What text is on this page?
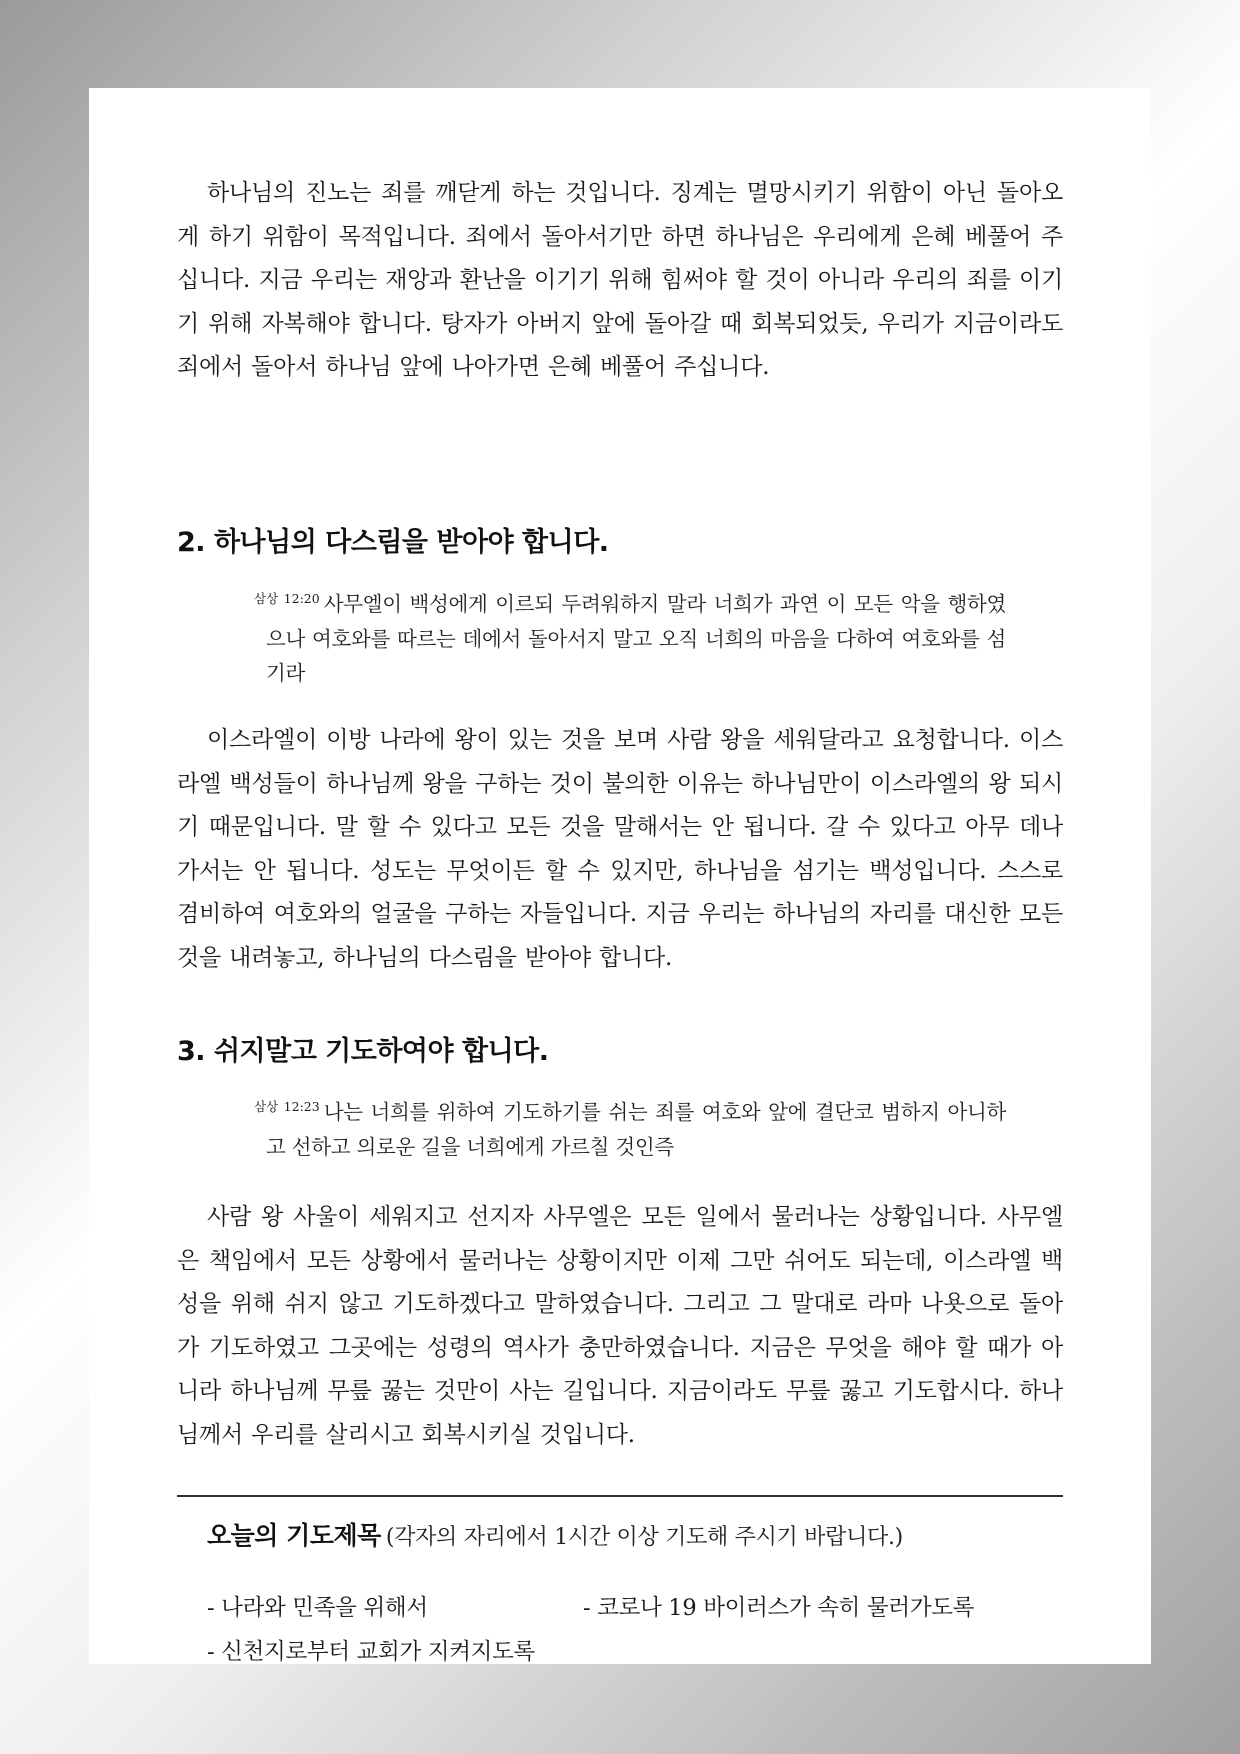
하나님의 진노는 죄를 깨닫게 하는 것입니다. 징계는 멸망시키기 위함이 아닌 돌아오게 하기 위함이 목적입니다. 죄에서 돌아서기만 하면 하나님은 우리에게 은혜 베풀어 주십니다. 지금 우리는 재앙과 환난을 이기기 위해 힘써야 할 것이 아니라 우리의 죄를 이기기 위해 자복해야 합니다. 탕자가 아버지 앞에 돌아갈 때 회복되었듯, 우리가 지금이라도 죄에서 돌아서 하나님 앞에 나아가면 은혜 베풀어 주십니다.

2. 하나님의 다스림을 받아야 합니다.

$^{삼상 12:20}$ 사무엘이 백성에게 이르되 두려워하지 말라 너희가 과연 이 모든 악을 행하였으나 여호와를 따르는 데에서 돌아서지 말고 오직 너희의 마음을 다하여 여호와를 섬기라

이스라엘이 이방 나라에 왕이 있는 것을 보며 사람 왕을 세워달라고 요청합니다. 이스라엘 백성들이 하나님께 왕을 구하는 것이 불의한 이유는 하나님만이 이스라엘의 왕 되시기 때문입니다. 말 할 수 있다고 모든 것을 말해서는 안 됩니다. 갈 수 있다고 아무 데나 가서는 안 됩니다. 성도는 무엇이든 할 수 있지만, 하나님을 섬기는 백성입니다. 스스로 겸비하여 여호와의 얼굴을 구하는 자들입니다. 지금 우리는 하나님의 자리를 대신한 모든 것을 내려놓고, 하나님의 다스림을 받아야 합니다.

3. 쉬지말고 기도하여야 합니다.

$^{삼상 12:23}$ 나는 너희를 위하여 기도하기를 쉬는 죄를 여호와 앞에 결단코 범하지 아니하고 선하고 의로운 길을 너희에게 가르칠 것인즉

사람 왕 사울이 세워지고 선지자 사무엘은 모든 일에서 물러나는 상황입니다. 사무엘은 책임에서 모든 상황에서 물러나는 상황이지만 이제 그만 쉬어도 되는데, 이스라엘 백성을 위해 쉬지 않고 기도하겠다고 말하였습니다. 그리고 그 말대로 라마 나욧으로 돌아가 기도하였고 그곳에는 성령의 역사가 충만하였습니다. 지금은 무엇을 해야 할 때가 아니라 하나님께 무릎 꿇는 것만이 사는 길입니다. 지금이라도 무릎 꿇고 기도합시다. 하나님께서 우리를 살리시고 회복시키실 것입니다.

오늘의 기도제목 (각자의 자리에서 1시간 이상 기도해 주시기 바랍니다.)

- 나라와 민족을 위해서	- 코로나 19 바이러스가 속히 물러가도록

- 신천지로부터 교회가 지켜지도록
